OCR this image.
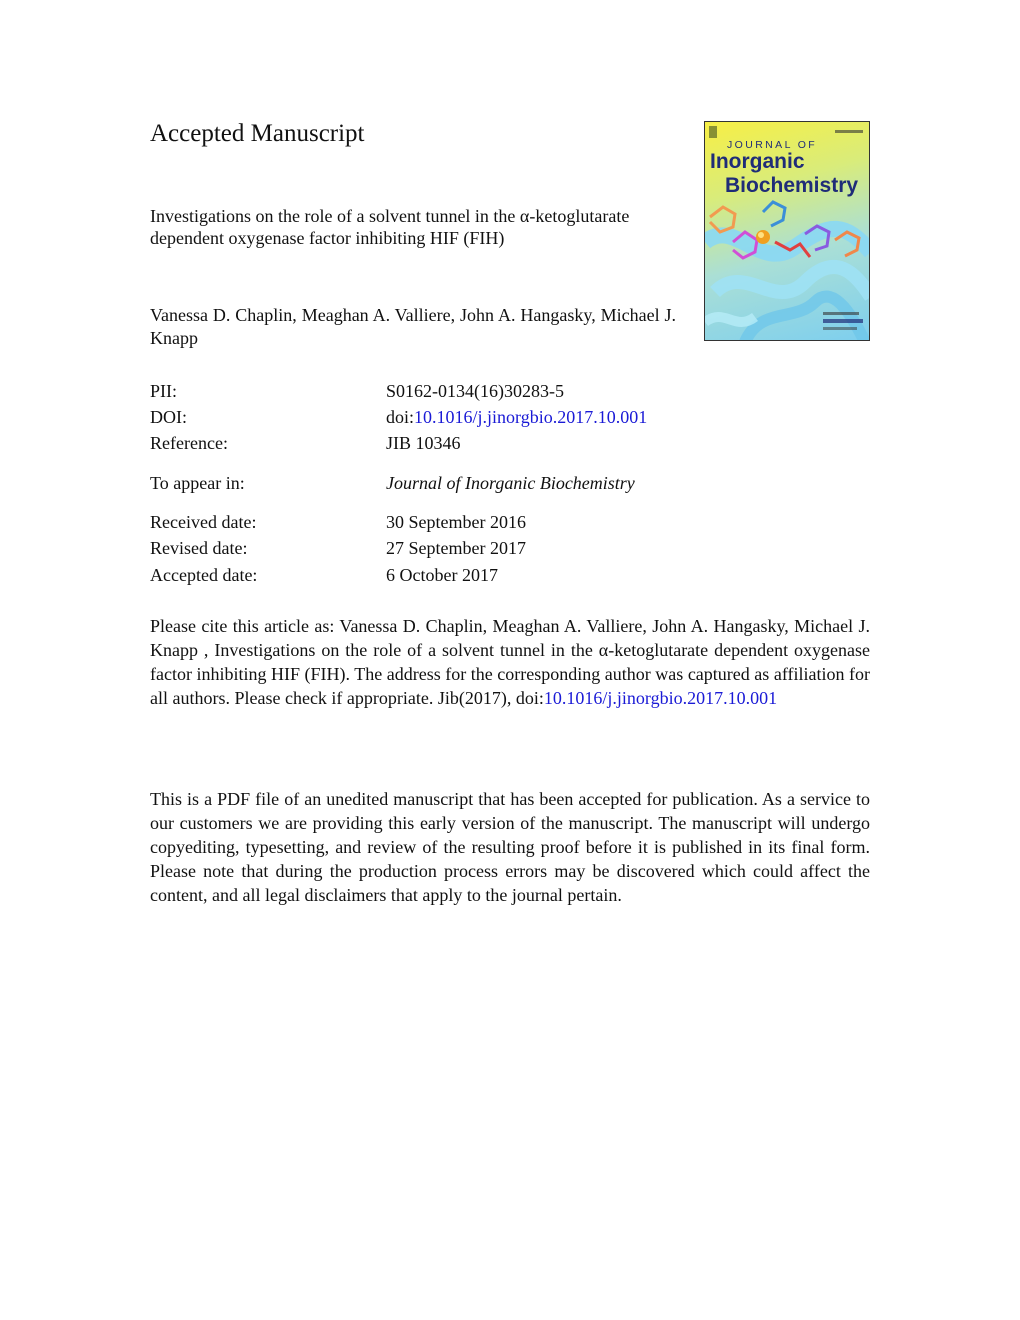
Accepted Manuscript	JOURNAL OF
Inorganic
Biochemistry
Investigations on the role of a solvent tunnel in the α-ketoglutarate dependent oxygenase factor inhibiting HIF (FIH)
Vanessa D. Chaplin, Meaghan A. Valliere, John A. Hangasky, Michael J. Knapp
PII:	S0162-0134(16)30283-5
DOI:	doi:10.1016/j.jinorgbio.2017.10.001
Reference:	JIB 10346
To appear in:	Journal of Inorganic Biochemistry
Received date:	30 September 2016
Revised date:	27 September 2017
Accepted date:	6 October 2017
Please cite this article as: Vanessa D. Chaplin, Meaghan A. Valliere, John A. Hangasky, Michael J. Knapp , Investigations on the role of a solvent tunnel in the α-ketoglutarate dependent oxygenase factor inhibiting HIF (FIH). The address for the corresponding author was captured as affiliation for all authors. Please check if appropriate. Jib(2017), doi:10.1016/j.jinorgbio.2017.10.001
This is a PDF file of an unedited manuscript that has been accepted for publication. As a service to our customers we are providing this early version of the manuscript. The manuscript will undergo copyediting, typesetting, and review of the resulting proof before it is published in its final form. Please note that during the production process errors may be discovered which could affect the content, and all legal disclaimers that apply to the journal pertain.
